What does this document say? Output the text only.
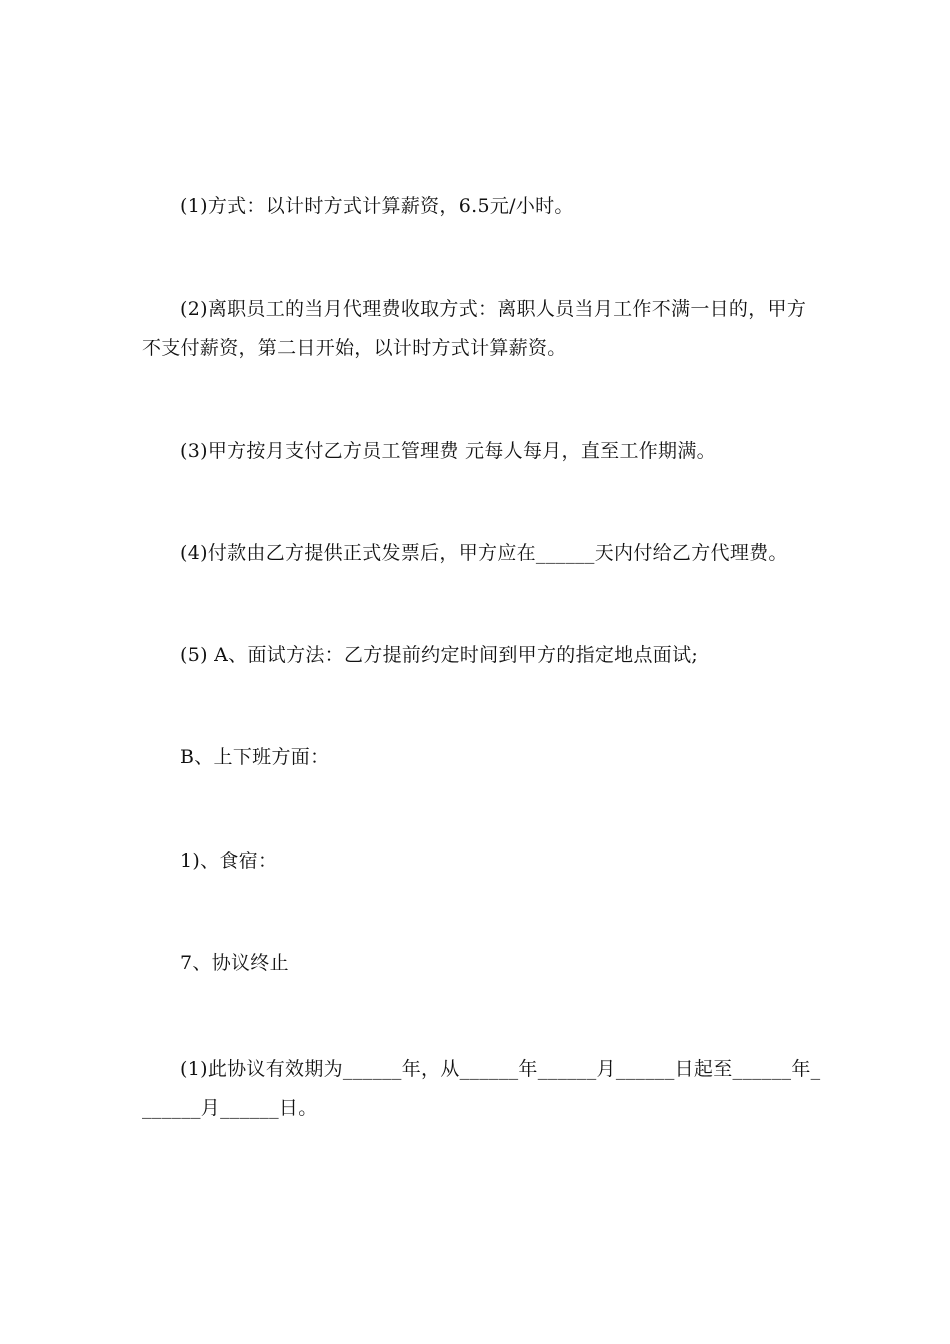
(1)方式：以计时方式计算薪资，6.5元/小时。

(2)离职员工的当月代理费收取方式：离职人员当月工作不满一日的，甲方不支付薪资，第二日开始，以计时方式计算薪资。

(3)甲方按月支付乙方员工管理费 元每人每月，直至工作期满。

(4)付款由乙方提供正式发票后，甲方应在______天内付给乙方代理费。

(5) A、面试方法：乙方提前约定时间到甲方的指定地点面试;

B、上下班方面：

1)、食宿：

7、协议终止

(1)此协议有效期为______年，从______年______月______日起至______年_______月______日。
